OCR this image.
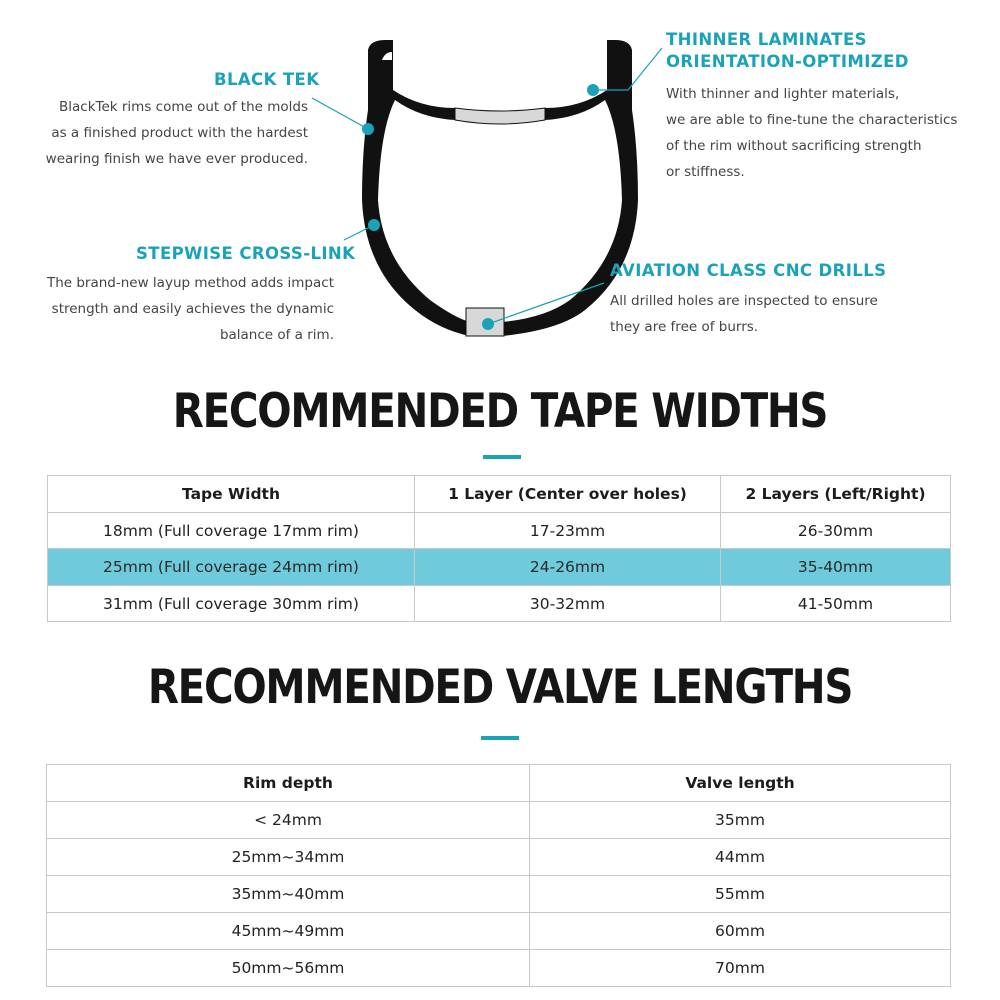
BLACK TEK
BlackTek rims come out of the molds
as a finished product with the hardest
wearing finish we have ever produced.
STEPWISE CROSS-LINK
The brand-new layup method adds impact
strength and easily achieves the dynamic
balance of a rim.
THINNER LAMINATES
ORIENTATION-OPTIMIZED
With thinner and lighter materials,
we are able to fine-tune the characteristics
of the rim without sacrificing strength
or stiffness.
AVIATION CLASS CNC DRILLS
All drilled holes are inspected to ensure
they are free of burrs.
RECOMMENDED TAPE WIDTHS
Tape Width	1 Layer (Center over holes)	2 Layers (Left/Right)
18mm (Full coverage 17mm rim)	17-23mm	26-30mm
25mm (Full coverage 24mm rim)	24-26mm	35-40mm
31mm (Full coverage 30mm rim)	30-32mm	41-50mm
RECOMMENDED VALVE LENGTHS
Rim depth	Valve length
< 24mm	35mm
25mm~34mm	44mm
35mm~40mm	55mm
45mm~49mm	60mm
50mm~56mm	70mm
